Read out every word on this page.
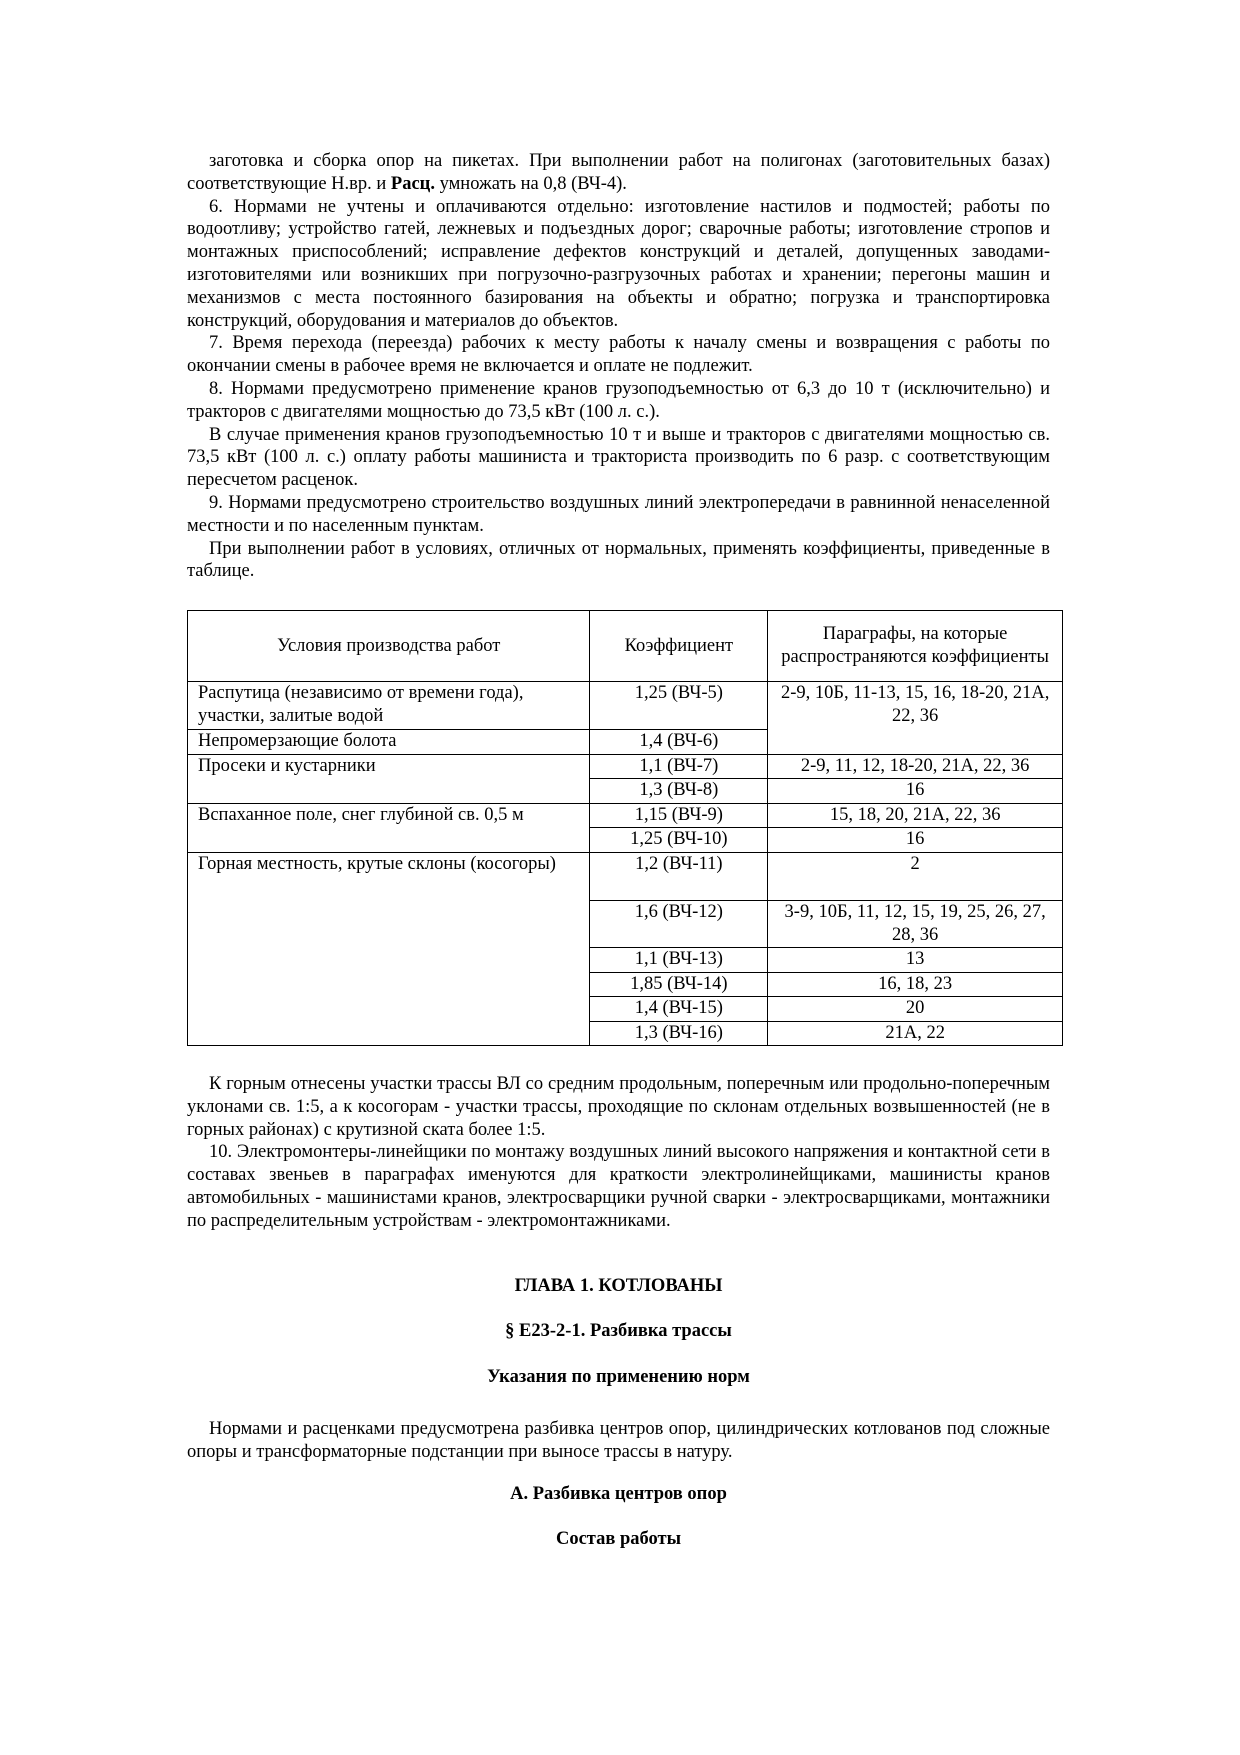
заготовка и сборка опор на пикетах. При выполнении работ на полигонах (заготовительных базах) соответствующие Н.вр. и Расц. умножать на 0,8 (ВЧ-4).

6. Нормами не учтены и оплачиваются отдельно: изготовление настилов и подмостей; работы по водоотливу; устройство гатей, лежневых и подъездных дорог; сварочные работы; изготовление стропов и монтажных приспособлений; исправление дефектов конструкций и деталей, допущенных заводами-изготовителями или возникших при погрузочно-разгрузочных работах и хранении; перегоны машин и механизмов с места постоянного базирования на объекты и обратно; погрузка и транспортировка конструкций, оборудования и материалов до объектов.

7. Время перехода (переезда) рабочих к месту работы к началу смены и возвращения с работы по окончании смены в рабочее время не включается и оплате не подлежит.

8. Нормами предусмотрено применение кранов грузоподъемностью от 6,3 до 10 т (исключительно) и тракторов с двигателями мощностью до 73,5 кВт (100 л. с.).

В случае применения кранов грузоподъемностью 10 т и выше и тракторов с двигателями мощностью св. 73,5 кВт (100 л. с.) оплату работы машиниста и тракториста производить по 6 разр. с соответствующим пересчетом расценок.

9. Нормами предусмотрено строительство воздушных линий электропередачи в равнинной ненаселенной местности и по населенным пунктам.

При выполнении работ в условиях, отличных от нормальных, применять коэффициенты, приведенные в таблице.

Условия производства работ	Коэффициент	Параграфы, на которые распространяются коэффициенты
Распутица (независимо от времени года), участки, залитые водой	1,25 (ВЧ-5)	2-9, 10Б, 11-13, 15, 16, 18-20, 21А, 22, 36
Непромерзающие болота	1,4 (ВЧ-6)	
Просеки и кустарники	1,1 (ВЧ-7)	2-9, 11, 12, 18-20, 21А, 22, 36
	1,3 (ВЧ-8)	16
Вспаханное поле, снег глубиной св. 0,5 м	1,15 (ВЧ-9)	15, 18, 20, 21А, 22, 36
	1,25 (ВЧ-10)	16
Горная местность, крутые склоны (косогоры)	1,2 (ВЧ-11)	2
	1,6 (ВЧ-12)	3-9, 10Б, 11, 12, 15, 19, 25, 26, 27, 28, 36
	1,1 (ВЧ-13)	13
	1,85 (ВЧ-14)	16, 18, 23
	1,4 (ВЧ-15)	20
	1,3 (ВЧ-16)	21А, 22

К горным отнесены участки трассы ВЛ со средним продольным, поперечным или продольно-поперечным уклонами св. 1:5, а к косогорам - участки трассы, проходящие по склонам отдельных возвышенностей (не в горных районах) с крутизной ската более 1:5.

10. Электромонтеры-линейщики по монтажу воздушных линий высокого напряжения и контактной сети в составах звеньев в параграфах именуются для краткости электролинейщиками, машинисты кранов автомобильных - машинистами кранов, электросварщики ручной сварки - электросварщиками, монтажники по распределительным устройствам - электромонтажниками.

ГЛАВА 1. КОТЛОВАНЫ
§ Е23-2-1. Разбивка трассы
Указания по применению норм

Нормами и расценками предусмотрена разбивка центров опор, цилиндрических котлованов под сложные опоры и трансформаторные подстанции при выносе трассы в натуру.

А. Разбивка центров опор
Состав работы
